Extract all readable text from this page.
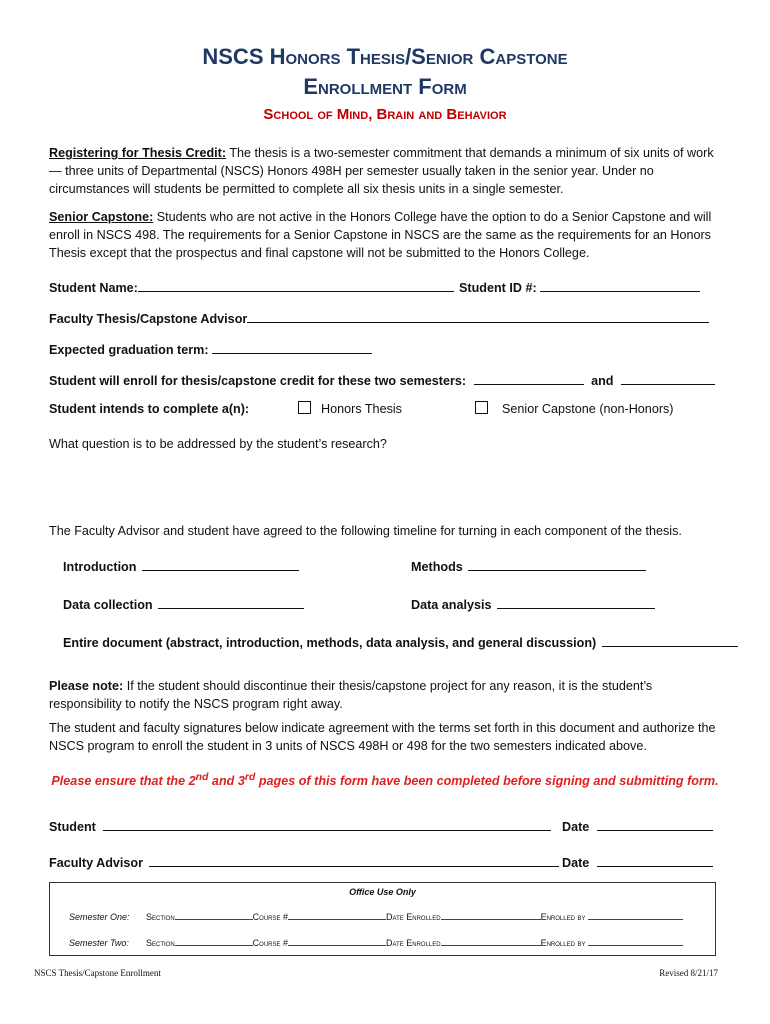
NSCS Honors Thesis/Senior Capstone
Enrollment Form
School of Mind, Brain and Behavior
Registering for Thesis Credit: The thesis is a two-semester commitment that demands a minimum of six units of work — three units of Departmental (NSCS) Honors 498H per semester usually taken in the senior year. Under no circumstances will students be permitted to complete all six thesis units in a single semester.
Senior Capstone: Students who are not active in the Honors College have the option to do a Senior Capstone and will enroll in NSCS 498. The requirements for a Senior Capstone in NSCS are the same as the requirements for an Honors Thesis except that the prospectus and final capstone will not be submitted to the Honors College.
Student Name:	Student ID #:
Faculty Thesis/Capstone Advisor
Expected graduation term:
Student will enroll for thesis/capstone credit for these two semesters:	and
Student intends to complete a(n):	Honors Thesis	Senior Capstone (non-Honors)
What question is to be addressed by the student’s research?
The Faculty Advisor and student have agreed to the following timeline for turning in each component of the thesis.
Introduction	Methods
Data collection	Data analysis
Entire document (abstract, introduction, methods, data analysis, and general discussion)
Please note: If the student should discontinue their thesis/capstone project for any reason, it is the student’s responsibility to notify the NSCS program right away.
The student and faculty signatures below indicate agreement with the terms set forth in this document and authorize the NSCS program to enroll the student in 3 units of NSCS 498H or 498 for the two semesters indicated above.
Please ensure that the 2nd and 3rd pages of this form have been completed before signing and submitting form.
Student	Date
Faculty Advisor	Date
Office Use Only
Semester One: Section	Course #	Date Enrolled	Enrolled by
Semester Two: Section	Course #	Date Enrolled	Enrolled by
NSCS Thesis/Capstone Enrollment	Revised 8/21/17
